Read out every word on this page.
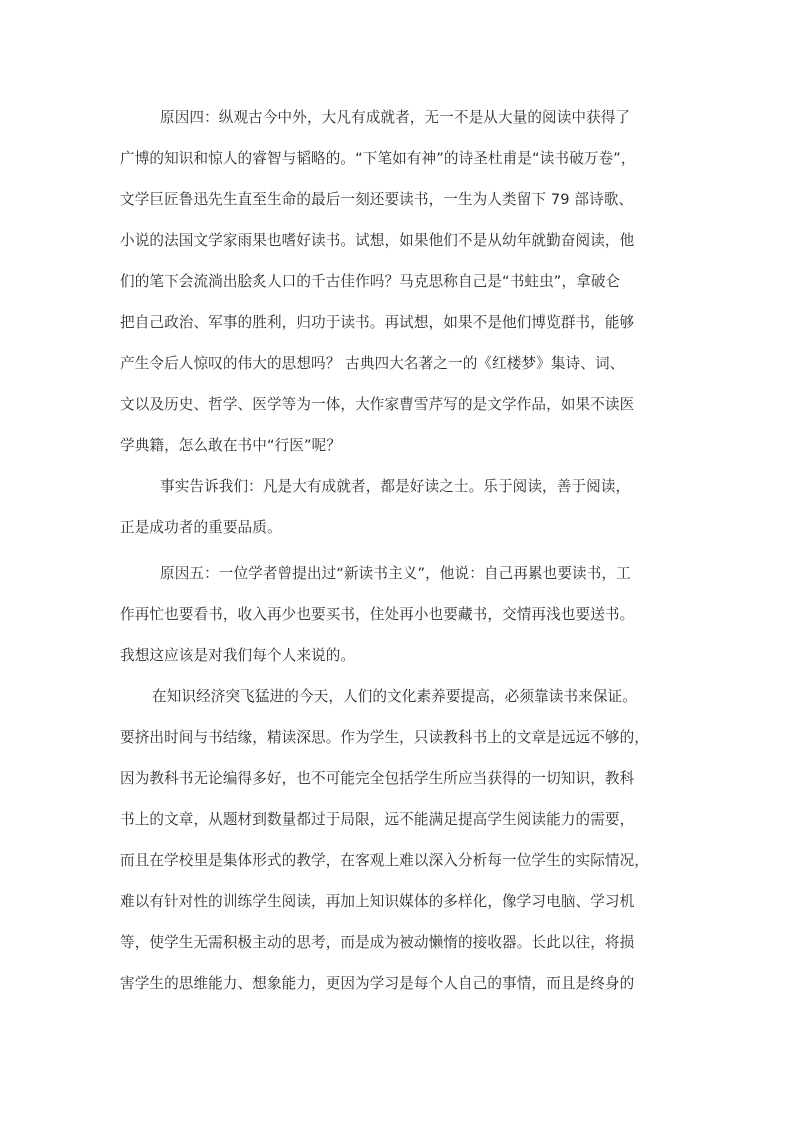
原因四：纵观古今中外，大凡有成就者，无一不是从大量的阅读中获得了
广博的知识和惊人的睿智与韬略的。“下笔如有神”的诗圣杜甫是“读书破万卷”，
文学巨匠鲁迅先生直至生命的最后一刻还要读书，一生为人类留下 79 部诗歌、
小说的法国文学家雨果也嗜好读书。试想，如果他们不是从幼年就勤奋阅读，他
们的笔下会流淌出脍炙人口的千古佳作吗？马克思称自己是“书蛀虫”，拿破仑
把自己政治、军事的胜利，归功于读书。再试想，如果不是他们博览群书，能够
产生令后人惊叹的伟大的思想吗？ 古典四大名著之一的《红楼梦》集诗、词、
文以及历史、哲学、医学等为一体，大作家曹雪芹写的是文学作品，如果不读医
学典籍，怎么敢在书中“行医”呢？
事实告诉我们：凡是大有成就者，都是好读之士。乐于阅读，善于阅读，
正是成功者的重要品质。
原因五：一位学者曾提出过“新读书主义”，他说：自己再累也要读书，工
作再忙也要看书，收入再少也要买书，住处再小也要藏书，交情再浅也要送书。
我想这应该是对我们每个人来说的。
在知识经济突飞猛进的今天，人们的文化素养要提高，必须靠读书来保证。
要挤出时间与书结缘，精读深思。作为学生，只读教科书上的文章是远远不够的，
因为教科书无论编得多好，也不可能完全包括学生所应当获得的一切知识，教科
书上的文章，从题材到数量都过于局限，远不能满足提高学生阅读能力的需要，
而且在学校里是集体形式的教学，在客观上难以深入分析每一位学生的实际情况，
难以有针对性的训练学生阅读，再加上知识媒体的多样化，像学习电脑、学习机
等，使学生无需积极主动的思考，而是成为被动懒惰的接收器。长此以往，将损
害学生的思维能力、想象能力，更因为学习是每个人自己的事情，而且是终身的
